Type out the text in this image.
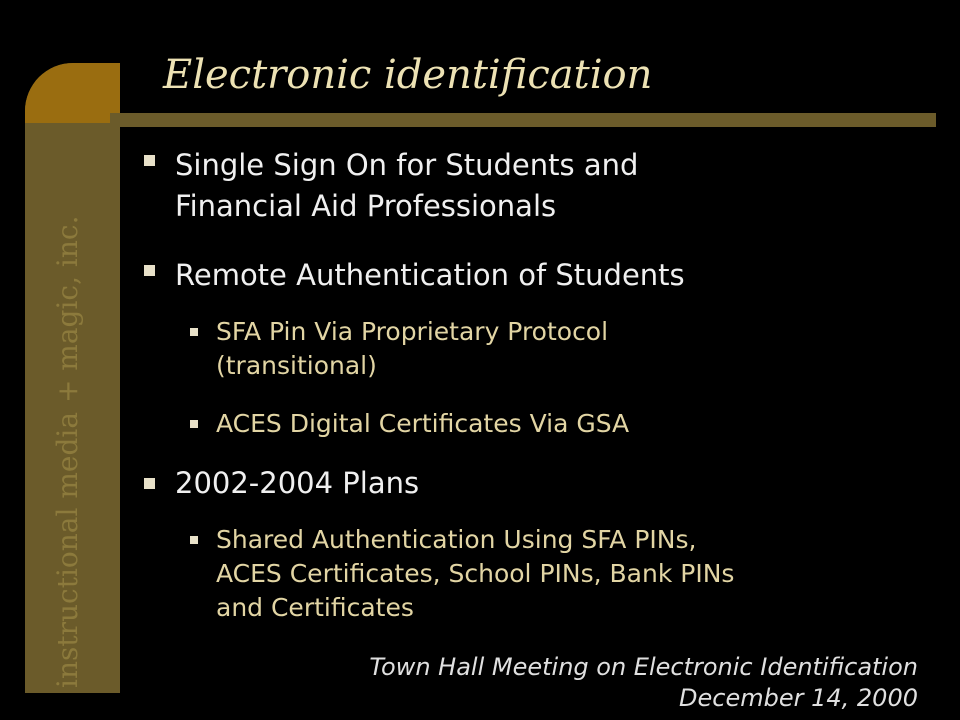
instructional media + magic, inc.
Electronic identification
Single Sign On for Students and
Financial Aid Professionals
Remote Authentication of Students
SFA Pin Via Proprietary Protocol
(transitional)
ACES Digital Certificates Via GSA
2002-2004 Plans
Shared Authentication Using SFA PINs,
ACES Certificates, School PINs, Bank PINs
and Certificates
Town Hall Meeting on Electronic Identification
December 14, 2000
